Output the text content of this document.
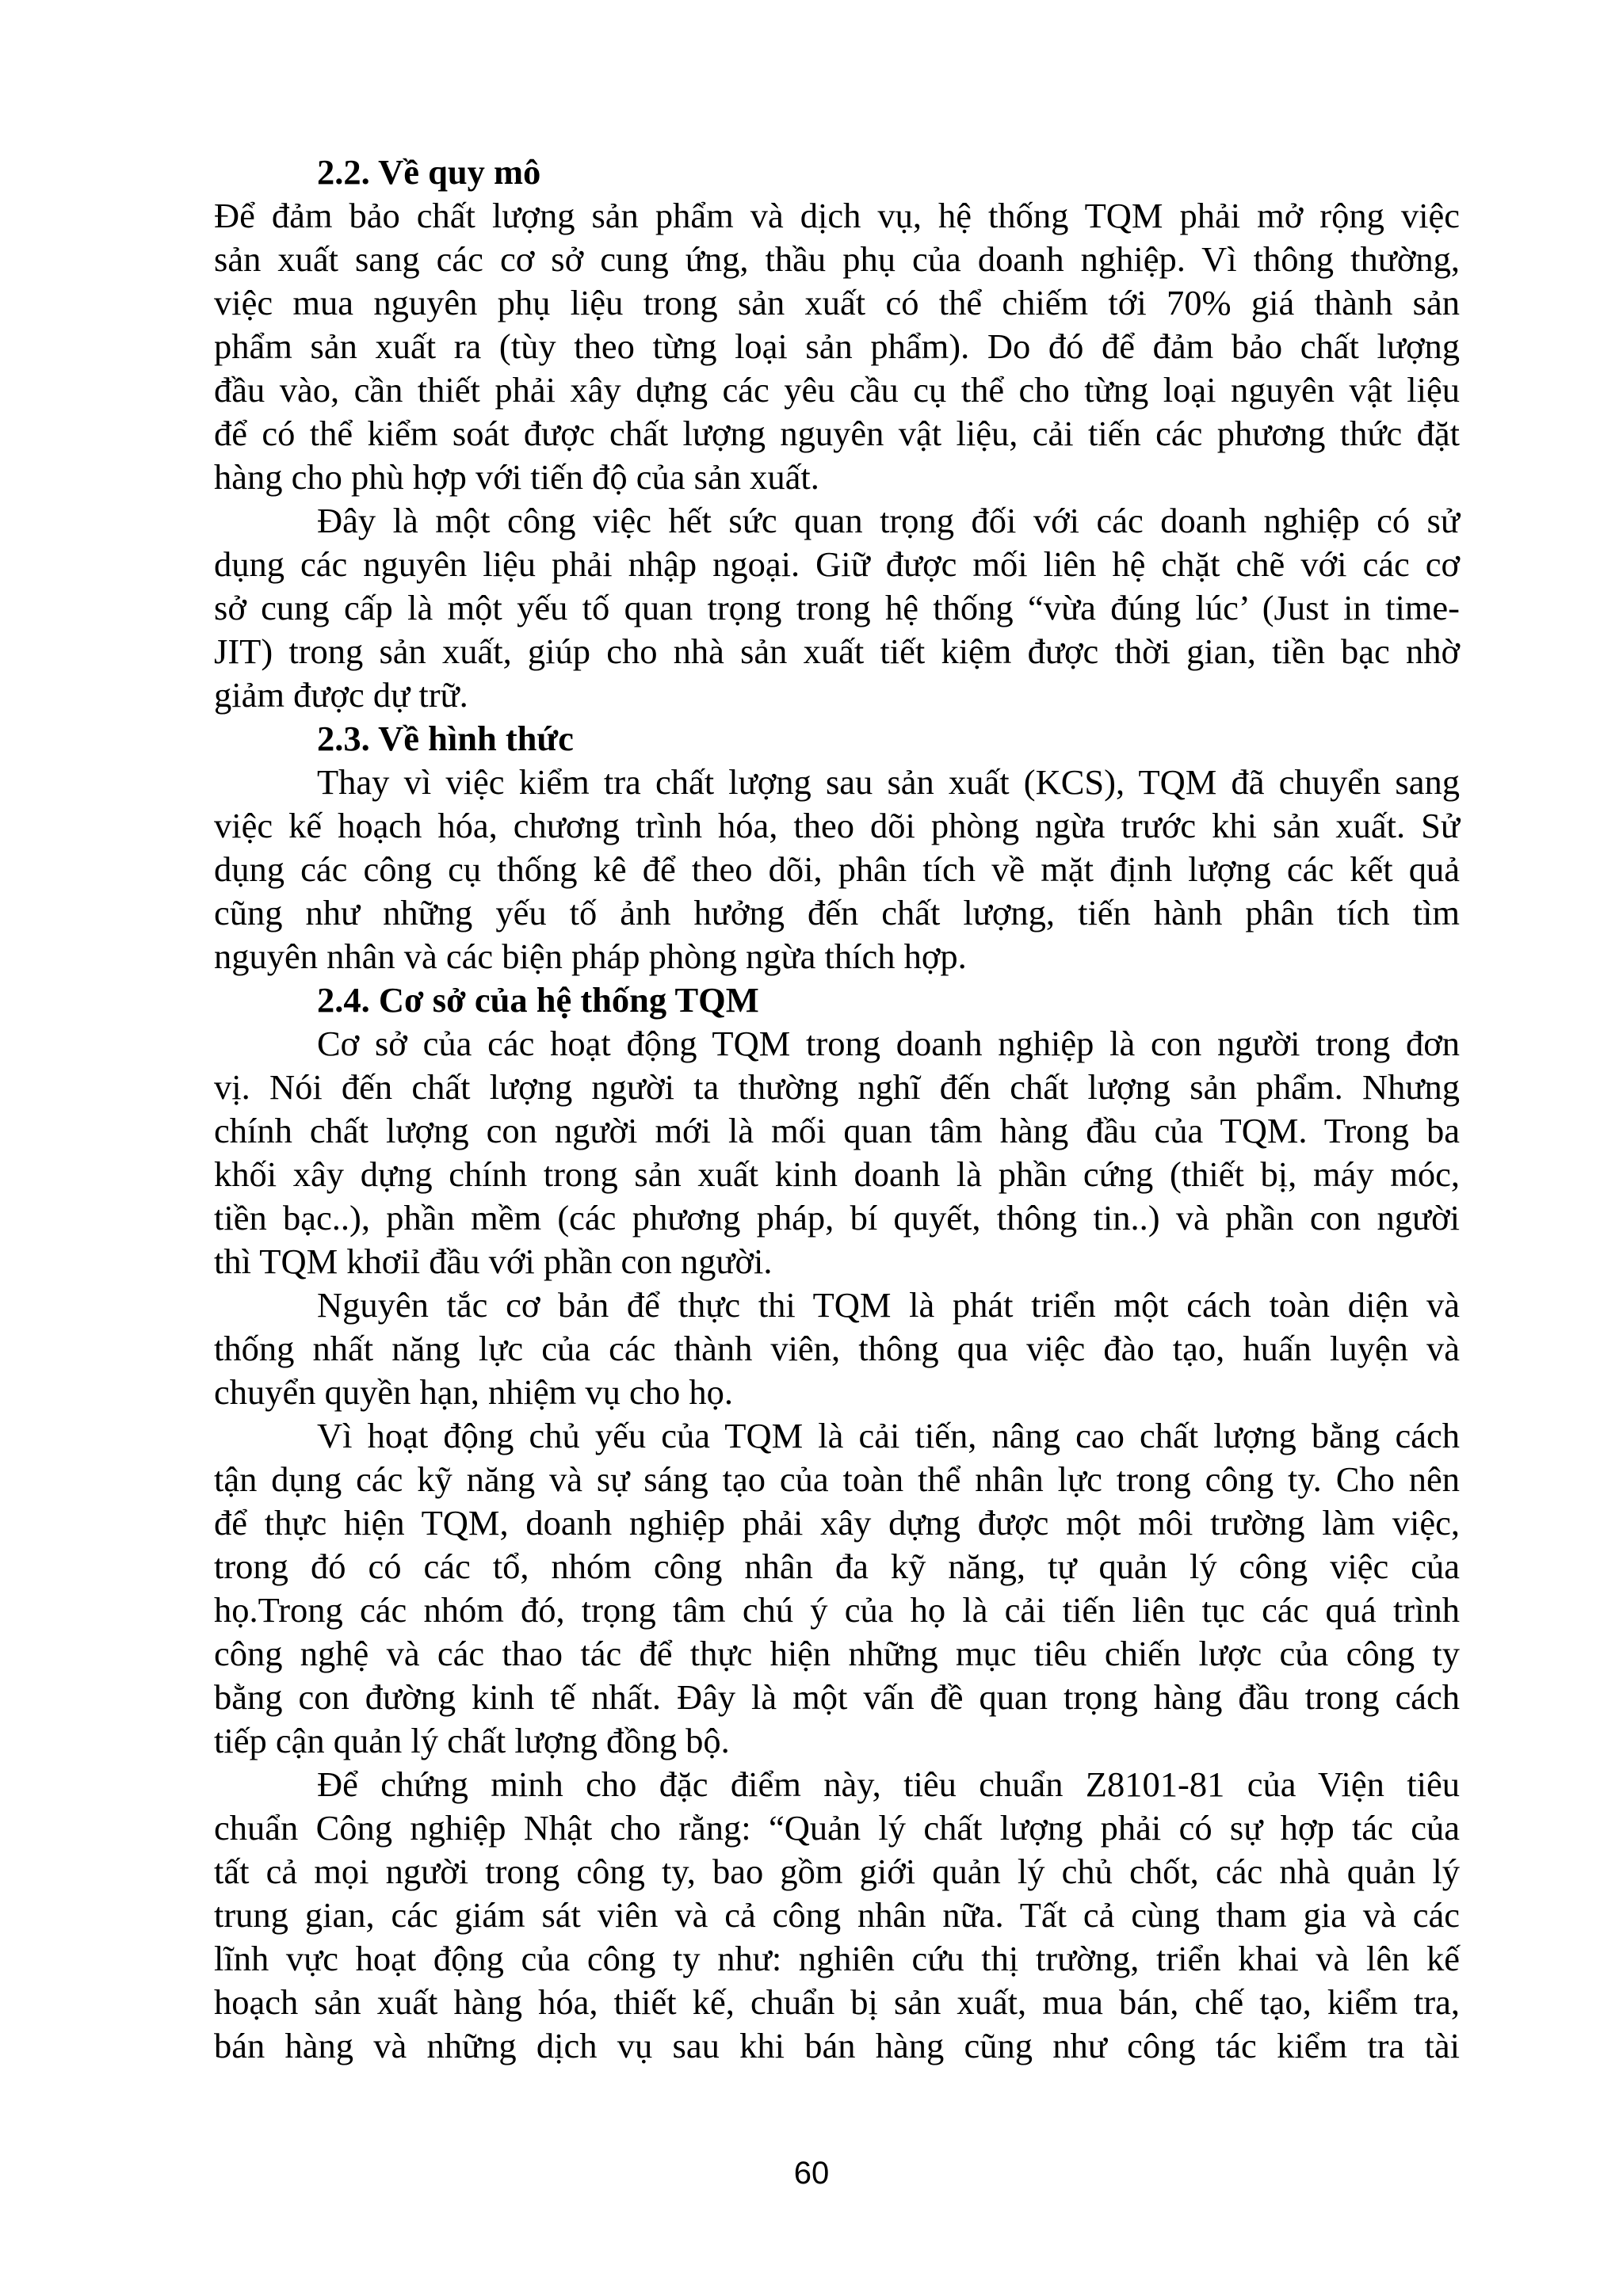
2.2. Về quy mô
Để đảm bảo chất lượng sản phẩm và dịch vụ, hệ thống TQM phải mở rộng việc
sản xuất sang các cơ sở cung ứng, thầu phụ của doanh nghiệp. Vì thông thường,
việc mua nguyên phụ liệu trong sản xuất có thể chiếm tới 70% giá thành sản
phẩm sản xuất ra (tùy theo từng loại sản phẩm). Do đó để đảm bảo chất lượng
đầu vào, cần thiết phải xây dựng các yêu cầu cụ thể cho từng loại nguyên vật liệu
để có thể kiểm soát được chất lượng nguyên vật liệu, cải tiến các phương thức đặt
hàng cho phù hợp với tiến độ của sản xuất.
Đây là một công việc hết sức quan trọng đối với các doanh nghiệp có sử
dụng các nguyên liệu phải nhập ngoại. Giữ được mối liên hệ chặt chẽ với các cơ
sở cung cấp là một yếu tố quan trọng trong hệ thống “vừa đúng lúc’ (Just in time-
JIT) trong sản xuất, giúp cho nhà sản xuất tiết kiệm được thời gian, tiền bạc nhờ
giảm được dự trữ.
2.3. Về hình thức
Thay vì việc kiểm tra chất lượng sau sản xuất (KCS), TQM đã chuyển sang
việc kế hoạch hóa, chương trình hóa, theo dõi phòng ngừa trước khi sản xuất. Sử
dụng các công cụ thống kê để theo dõi, phân tích về mặt định lượng các kết quả
cũng như những yếu tố ảnh hưởng đến chất lượng, tiến hành phân tích tìm
nguyên nhân và các biện pháp phòng ngừa thích hợp.
2.4. Cơ sở của hệ thống TQM
Cơ sở của các hoạt động TQM trong doanh nghiệp là con người trong đơn
vị. Nói đến chất lượng người ta thường nghĩ đến chất lượng sản phẩm. Nhưng
chính chất lượng con người mới là mối quan tâm hàng đầu của TQM. Trong ba
khối xây dựng chính trong sản xuất kinh doanh là phần cứng (thiết bị, máy móc,
tiền bạc..), phần mềm (các phương pháp, bí quyết, thông tin..) và phần con người
thì TQM khơiỉ đầu với phần con người.
Nguyên tắc cơ bản để thực thi TQM là phát triển một cách toàn diện và
thống nhất năng lực của các thành viên, thông qua việc đào tạo, huấn luyện và
chuyển quyền hạn, nhiệm vụ cho họ.
Vì hoạt động chủ yếu của TQM là cải tiến, nâng cao chất lượng bằng cách
tận dụng các kỹ năng và sự sáng tạo của toàn thể nhân lực trong công ty. Cho nên
để thực hiện TQM, doanh nghiệp phải xây dựng được một môi trường làm việc,
trong đó có các tổ, nhóm công nhân đa kỹ năng, tự quản lý công việc của
họ.Trong các nhóm đó, trọng tâm chú ý của họ là cải tiến liên tục các quá trình
công nghệ và các thao tác để thực hiện những mục tiêu chiến lược của công ty
bằng con đường kinh tế nhất. Đây là một vấn đề quan trọng hàng đầu trong cách
tiếp cận quản lý chất lượng đồng bộ.
Để chứng minh cho đặc điểm này, tiêu chuẩn Z8101-81 của Viện tiêu
chuẩn Công nghiệp Nhật cho rằng: “Quản lý chất lượng phải có sự hợp tác của
tất cả mọi người trong công ty, bao gồm giới quản lý chủ chốt, các nhà quản lý
trung gian, các giám sát viên và cả công nhân nữa. Tất cả cùng tham gia và các
lĩnh vực hoạt động của công ty như: nghiên cứu thị trường, triển khai và lên kế
hoạch sản xuất hàng hóa, thiết kế, chuẩn bị sản xuất, mua bán, chế tạo, kiểm tra,
bán hàng và những dịch vụ sau khi bán hàng cũng như công tác kiểm tra tài
60
